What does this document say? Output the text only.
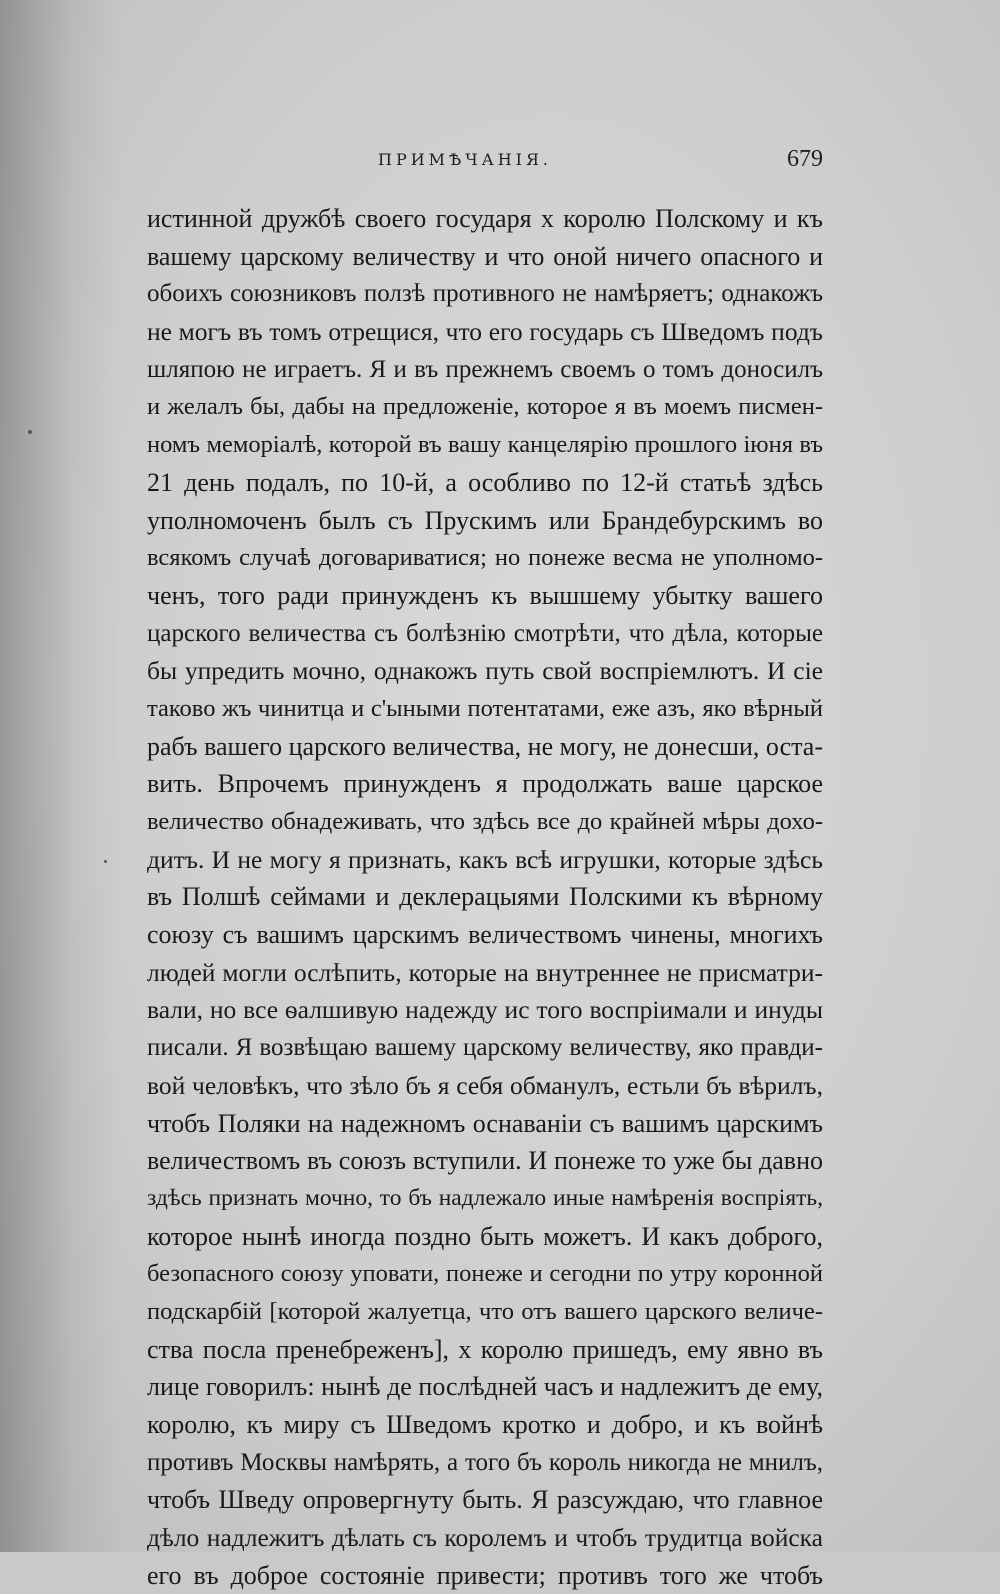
ПРИМѢЧАНІЯ.	679
истинной дружбѣ своего государя х королю Полскому и къ
вашему царскому величеству и что оной ничего опасного и
обоихъ союзниковъ ползѣ противного не намѣряетъ; однакожъ
не могъ въ томъ отрещися, что его государь съ Шведомъ подъ
шляпою не играетъ. Я и въ прежнемъ своемъ о томъ доносилъ
и желалъ бы, дабы на предложеніе, которое я въ моемъ писмен-
номъ меморіалѣ, которой въ вашу канцелярію прошлого іюня въ
21 день подалъ, по 10-й, а особливо по 12-й статьѣ здѣсь
уполномоченъ былъ съ Прускимъ или Брандебурскимъ во
всякомъ случаѣ договариватися; но понеже весма не уполномо-
ченъ, того ради принужденъ къ вышшему убытку вашего
царского величества съ болѣзнію смотрѣти, что дѣла, которые
бы упредить мочно, однакожъ путь свой воспріемлютъ. И сіе
таково жъ чинитца и с'ыными потентатами, еже азъ, яко вѣрный
рабъ вашего царского величества, не могу, не донесши, оста-
вить. Впрочемъ принужденъ я продолжать ваше царское
величество обнадеживать, что здѣсь все до крайней мѣры дохо-
дитъ. И не могу я признать, какъ всѣ игрушки, которые здѣсь
въ Полшѣ сеймами и деклерацыями Полскими къ вѣрному
союзу съ вашимъ царскимъ величествомъ чинены, многихъ
людей могли ослѣпить, которые на внутреннее не присматри-
вали, но все ѳалшивую надежду ис того воспріимали и инуды
писали. Я возвѣщаю вашему царскому величеству, яко правди-
вой человѣкъ, что зѣло бъ я себя обманулъ, естьли бъ вѣрилъ,
чтобъ Поляки на надежномъ оснаваніи съ вашимъ царскимъ
величествомъ въ союзъ вступили. И понеже то уже бы давно
здѣсь признать мочно, то бъ надлежало иные намѣренія воспріять,
которое нынѣ иногда поздно быть можетъ. И какъ доброго,
безопасного союзу уповати, понеже и сегодни по утру коронной
подскарбій [которой жалуетца, что отъ вашего царского величе-
ства посла пренебреженъ], х королю пришедъ, ему явно въ
лице говорилъ: нынѣ де послѣдней часъ и надлежитъ де ему,
королю, къ миру съ Шведомъ кротко и добро, и къ войнѣ
противъ Москвы намѣрять, а того бъ король никогда не мнилъ,
чтобъ Шведу опровергнуту быть. Я разсуждаю, что главное
дѣло надлежитъ дѣлать съ королемъ и чтобъ трудитца войска
его въ доброе состояніе привести; противъ того же чтобъ
